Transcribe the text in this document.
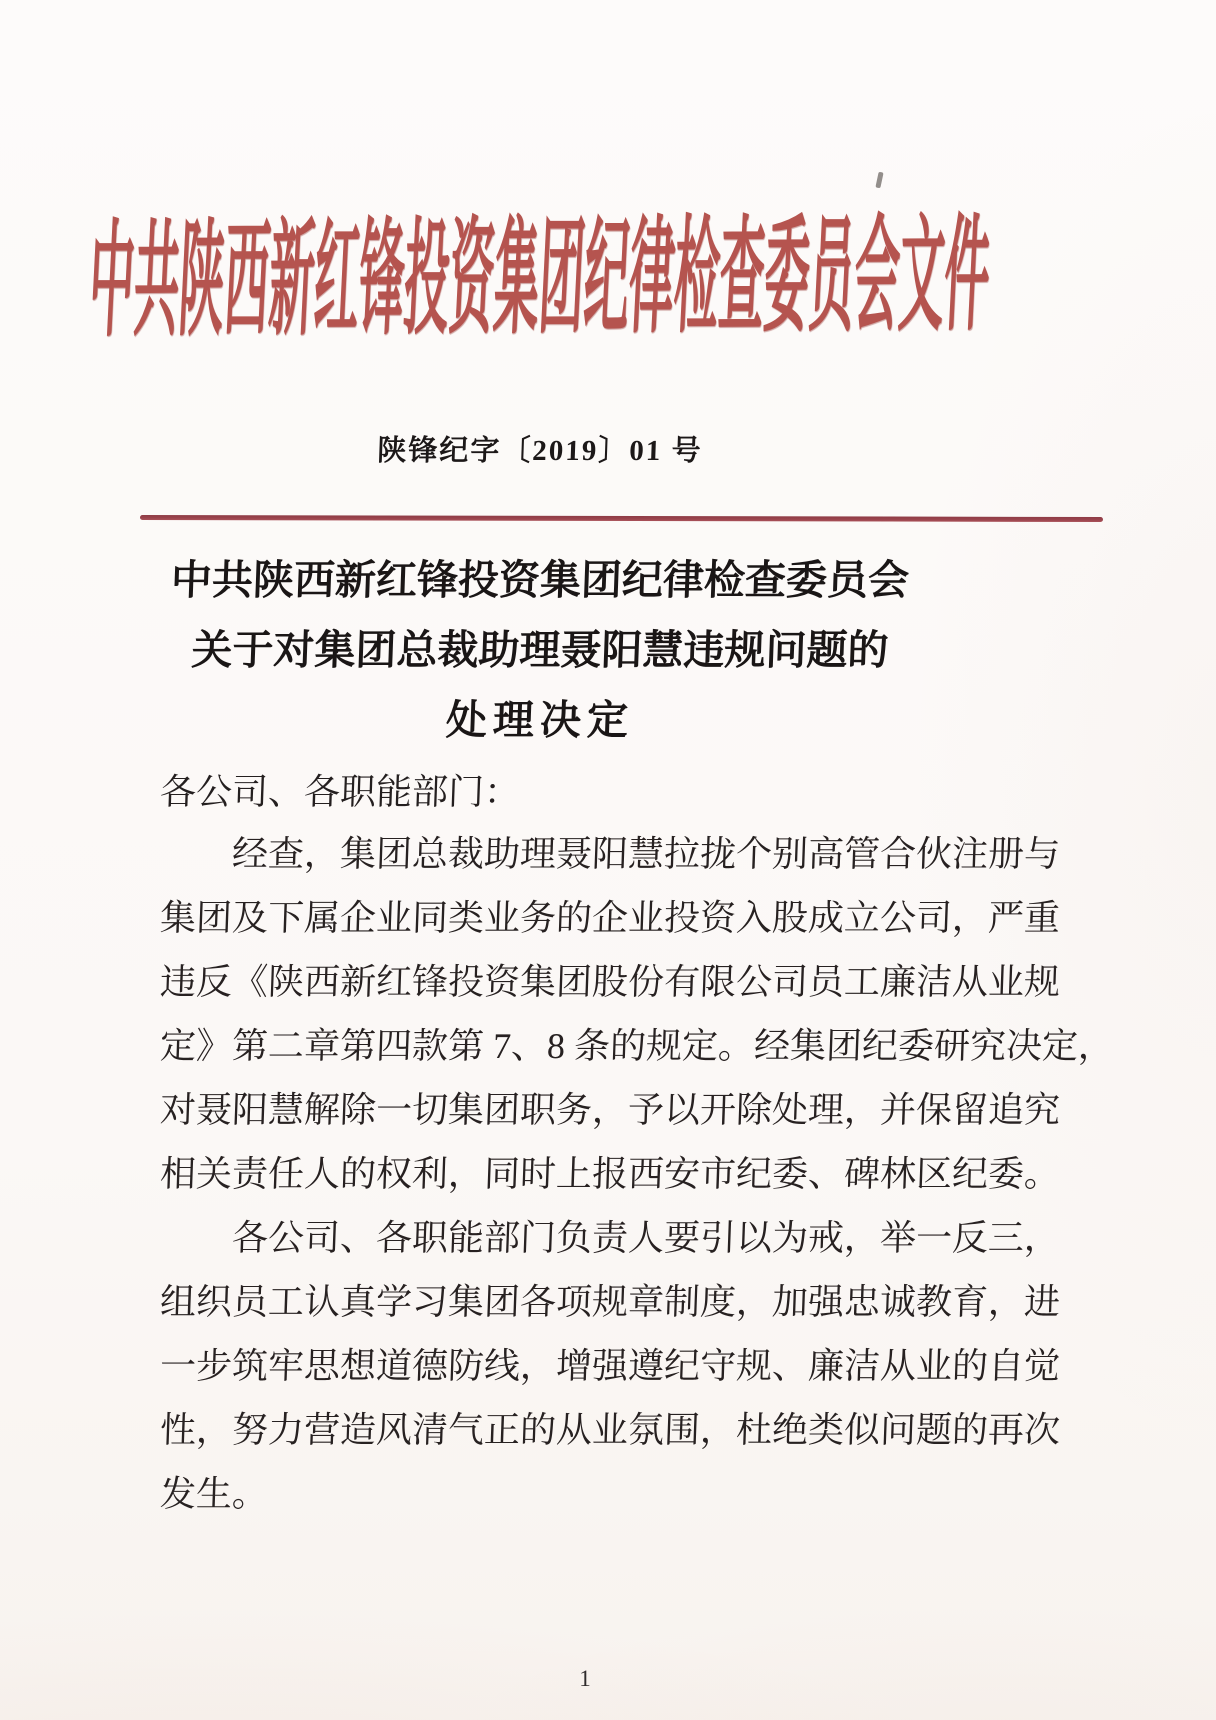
中共陕西新红锋投资集团纪律检查委员会文件
陕锋纪字〔2019〕01 号
中共陕西新红锋投资集团纪律检查委员会
关于对集团总裁助理聂阳慧违规问题的
处理决定
各公司、各职能部门：
经查，集团总裁助理聂阳慧拉拢个别高管合伙注册与
集团及下属企业同类业务的企业投资入股成立公司，严重
违反《陕西新红锋投资集团股份有限公司员工廉洁从业规
定》第二章第四款第 7、8 条的规定。经集团纪委研究决定，
对聂阳慧解除一切集团职务，予以开除处理，并保留追究
相关责任人的权利，同时上报西安市纪委、碑林区纪委。
各公司、各职能部门负责人要引以为戒，举一反三，
组织员工认真学习集团各项规章制度，加强忠诚教育，进
一步筑牢思想道德防线，增强遵纪守规、廉洁从业的自觉
性，努力营造风清气正的从业氛围，杜绝类似问题的再次
发生。
1
